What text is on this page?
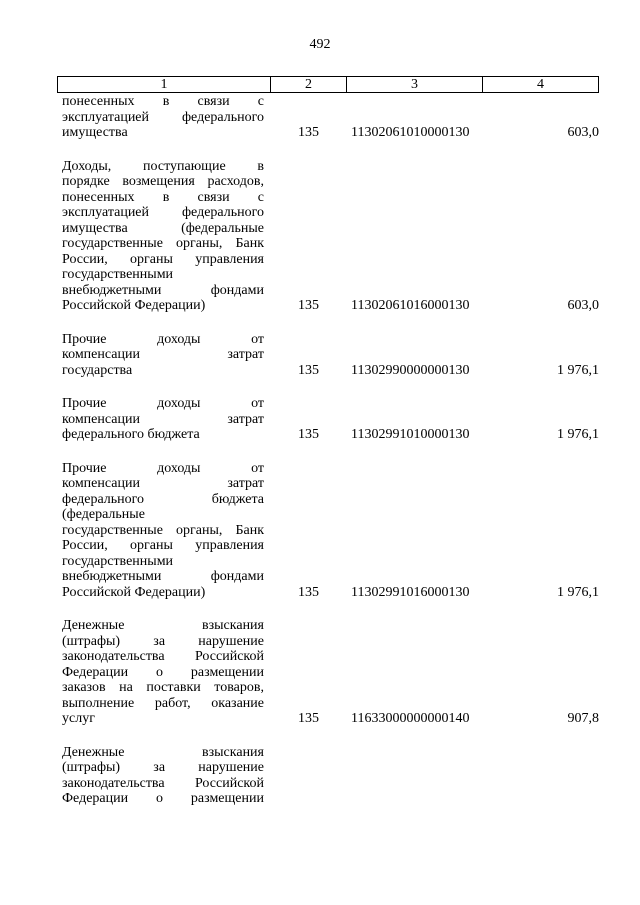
492
1	2	3	4
понесенных в связи с
эксплуатацией федерального
имущества	135 11302061010000130	603,0
Доходы, поступающие в
порядке возмещения расходов,
понесенных в связи с
эксплуатацией федерального
имущества (федеральные
государственные органы, Банк
России, органы управления
государственными
внебюджетными фондами
Российской Федерации)	135 11302061016000130	603,0
Прочие доходы от
компенсации затрат
государства	135 11302990000000130	1 976,1
Прочие доходы от
компенсации затрат
федерального бюджета	135 11302991010000130	1 976,1
Прочие доходы от
компенсации затрат
федерального бюджета
(федеральные
государственные органы, Банк
России, органы управления
государственными
внебюджетными фондами
Российской Федерации)	135 11302991016000130	1 976,1
Денежные взыскания
(штрафы) за нарушение
законодательства Российской
Федерации о размещении
заказов на поставки товаров,
выполнение работ, оказание
услуг	135 11633000000000140	907,8
Денежные взыскания
(штрафы) за нарушение
законодательства Российской
Федерации о размещении
